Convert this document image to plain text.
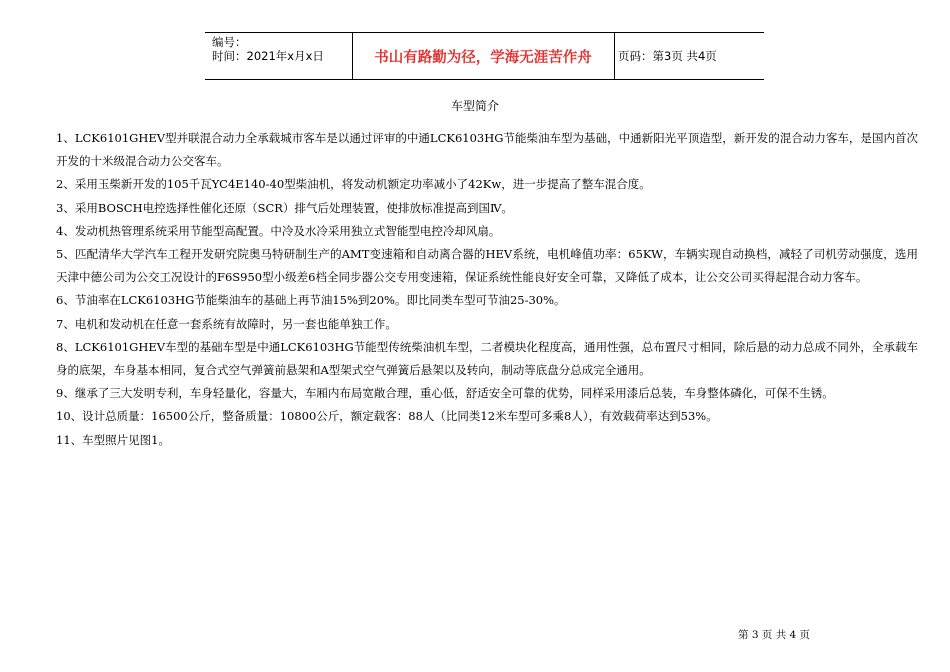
编号：
时间：2021年x月x日	书山有路勤为径，学海无涯苦作舟	页码：第3页 共4页
车型简介

1、LCK6101GHEV型并联混合动力全承载城市客车是以通过评审的中通LCK6103HG节能柴油车型为基础，中通新阳光平顶造型，新开发的混合动力客车，是国内首次开发的十米级混合动力公交客车。

2、采用玉柴新开发的105千瓦YC4E140-40型柴油机，将发动机额定功率减小了42Kw，进一步提高了整车混合度。

3、采用BOSCH电控选择性催化还原（SCR）排气后处理装置，使排放标准提高到国Ⅳ。

4、发动机热管理系统采用节能型高配置。中冷及水冷采用独立式智能型电控冷却风扇。

5、匹配清华大学汽车工程开发研究院奥马特研制生产的AMT变速箱和自动离合器的HEV系统，电机峰值功率：65KW，车辆实现自动换档，减轻了司机劳动强度，选用天津中德公司为公交工况设计的F6S950型小级差6档全同步器公交专用变速箱，保证系统性能良好安全可靠，又降低了成本，让公交公司买得起混合动力客车。

6、节油率在LCK6103HG节能柴油车的基础上再节油15%到20%。即比同类车型可节油25-30%。

7、电机和发动机在任意一套系统有故障时，另一套也能单独工作。

8、LCK6101GHEV车型的基础车型是中通LCK6103HG节能型传统柴油机车型，二者模块化程度高，通用性强，总布置尺寸相同，除后悬的动力总成不同外，全承载车身的底架，车身基本相同，复合式空气弹簧前悬架和A型架式空气弹簧后悬架以及转向，制动等底盘分总成完全通用。

9、继承了三大发明专利，车身轻量化，容量大，车厢内布局宽敞合理，重心低，舒适安全可靠的优势，同样采用漆后总装，车身整体磷化，可保不生锈。

10、设计总质量：16500公斤，整备质量：10800公斤，额定载客：88人（比同类12米车型可多乘8人），有效载荷率达到53%。

11、车型照片见图1。

第 3 页 共 4 页
